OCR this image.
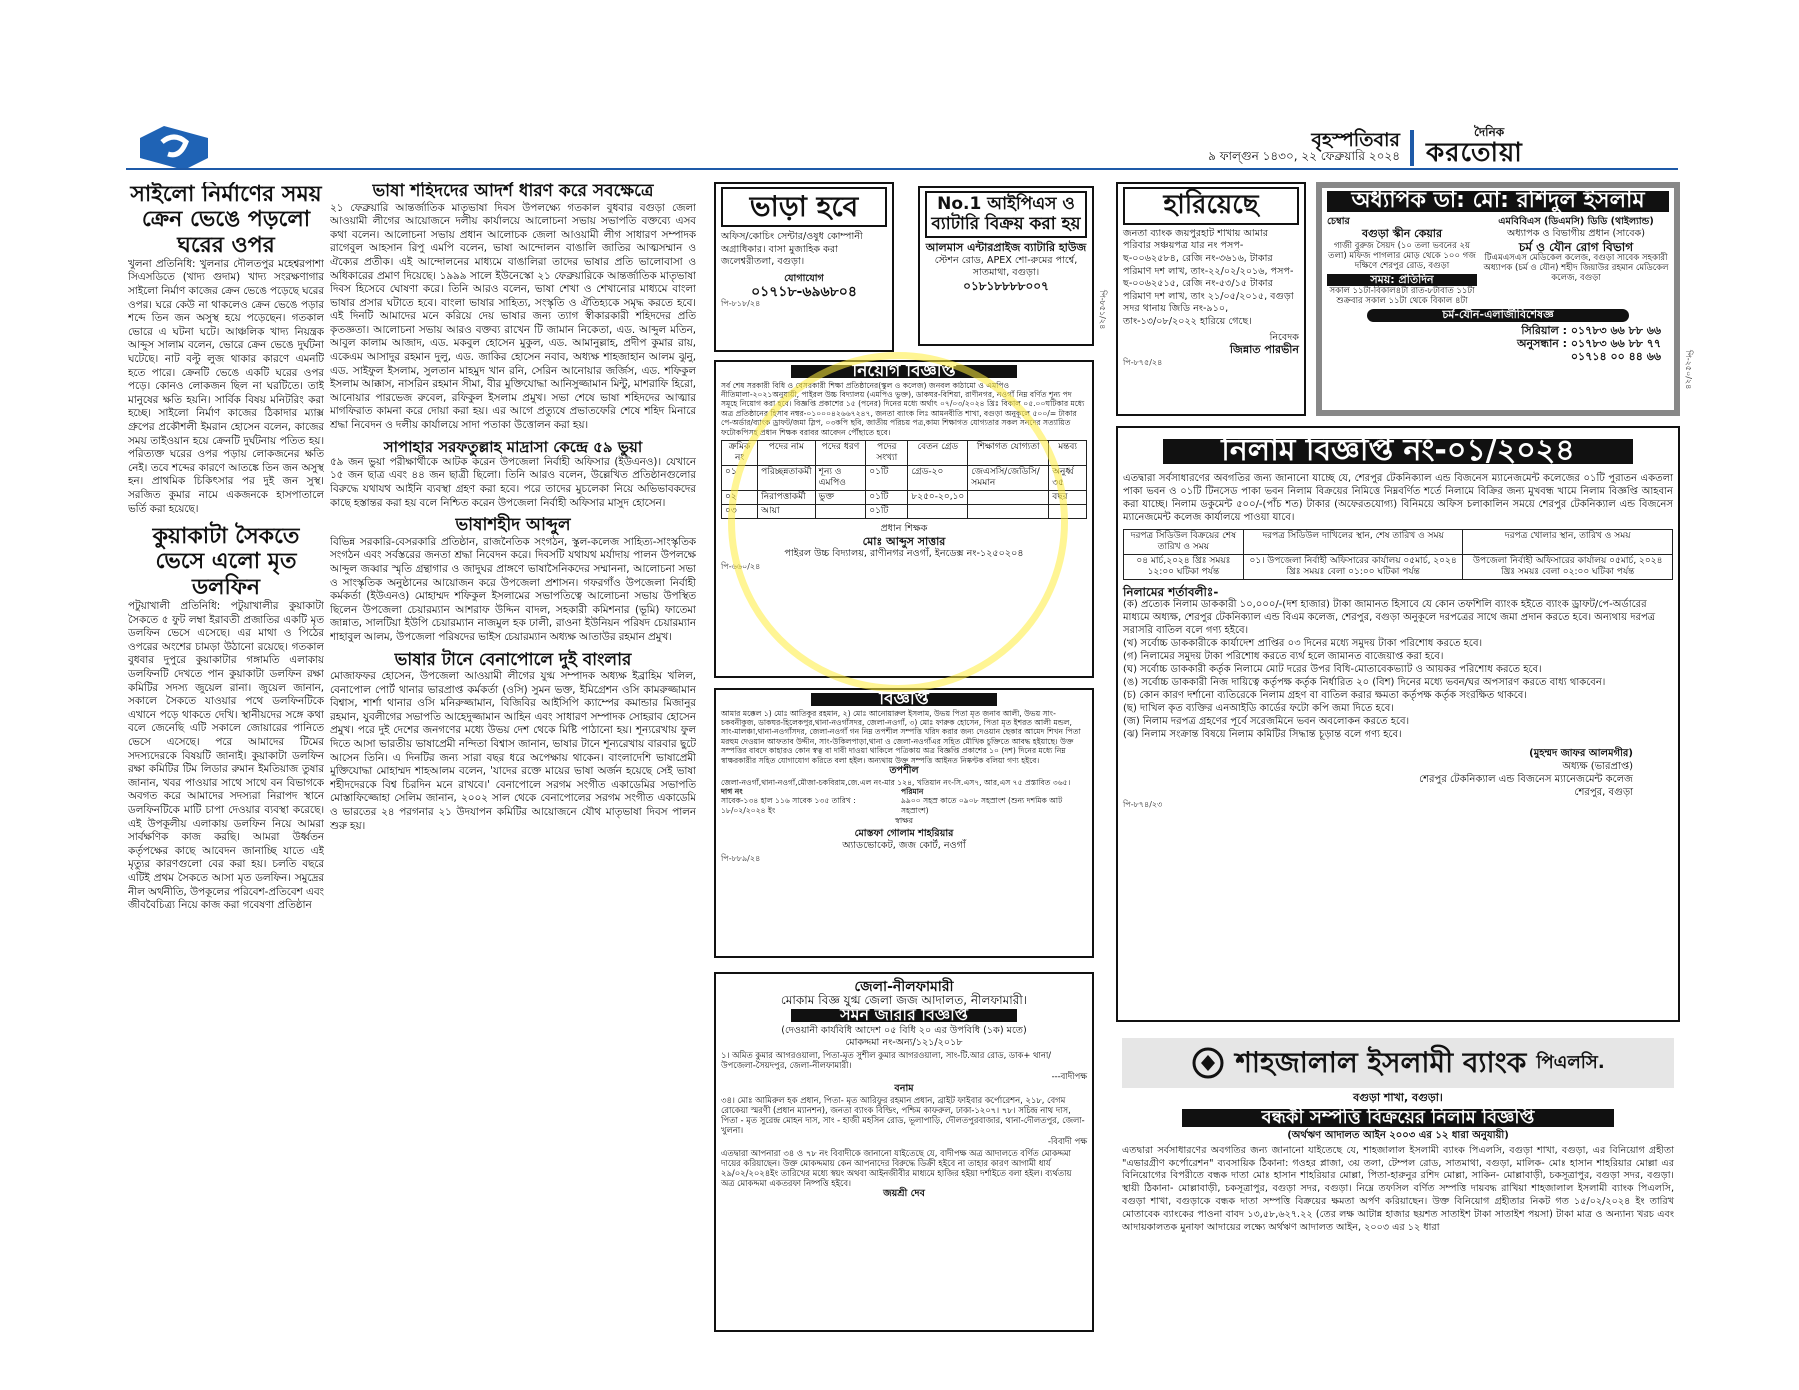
বৃহস্পতিবার
৯ ফাল্গুন ১৪৩০, ২২ ফেব্রুয়ারি ২০২৪
দৈনিক
করতোয়া

সাইলো নির্মাণের সময় ক্রেন ভেঙে পড়লো ঘরের ওপর

খুলনা প্রতিনিধি: খুলনার দৌলতপুর মহেশ্বরপাশা সিএসডিতে (খাদ্য গুদাম) খাদ্য সংরক্ষণাগার সাইলো নির্মাণ কাজের ক্রেন ভেঙে পড়েছে ঘরের ওপর। ঘরে কেউ না থাকলেও ক্রেন ভেঙে পড়ার শব্দে তিন জন অসুস্থ হয়ে পড়েছেন। গতকাল ভোরে এ ঘটনা ঘটে। আঞ্চলিক খাদ্য নিয়ন্ত্রক আব্দুস সালাম বলেন, ভোরে ক্রেন ভেঙে দুর্ঘটনা ঘটেছে। নাট বল্টু লুজ থাকার কারণে এমনটি হতে পারে। ক্রেনটি ভেঙে একটি ঘরের ওপর পড়ে। কোনও লোকজন ছিল না ঘরটিতে। তাই মানুষের ক্ষতি হয়নি। সার্বিক বিষয় মনিটরিং করা হচ্ছে। সাইলো নির্মাণ কাজের ঠিকাদার ম্যাক্স গ্রুপের প্রকৌশলী ইমরান হোসেন বলেন, কাজের সময় তাইওয়ান হয়ে ক্রেনটি দুর্ঘটনায় পতিত হয়। পরিত্যক্ত ঘরের ওপর পড়ায় লোকজনের ক্ষতি নেই। তবে শব্দের কারণে আতঙ্কে তিন জন অসুস্থ হন। প্রাথমিক চিকিৎসার পর দুই জন সুস্থ। সরজিত কুমার নামে একজনকে হাসপাতালে ভর্তি করা হয়েছে।

কুয়াকাটা সৈকতে ভেসে এলো মৃত ডলফিন

পটুয়াখালী প্রতিনিধি: পটুয়াখালীর কুয়াকাটা সৈকতে ৫ ফুট লম্বা ইরাবতী প্রজাতির একটি মৃত ডলফিন ভেসে এসেছে। এর মাথা ও পিঠের ওপরের অংশের চামড়া উঠানো রয়েছে। গতকাল বুধবার দুপুরে কুয়াকাটার গঙ্গামতি এলাকায় ডলফিনটি দেখতে পান কুয়াকাটা ডলফিন রক্ষা কমিটির সদস্য জুয়েল রানা। জুয়েল জানান, সকালে সৈকতে যাওয়ার পথে ডলফিনটিকে এখানে পড়ে থাকতে দেখি। স্থানীয়দের সঙ্গে কথা বলে জেনেছি এটি সকালে জোয়ারের পানিতে ভেসে এসেছে। পরে আমাদের টিমের সদস্যদেরকে বিষয়টি জানাই। কুয়াকাটা ডলফিন রক্ষা কমিটির টিম লিডার রুমান ইমতিয়াজ তুষার জানান, খবর পাওয়ার সাথে সাথে বন বিভাগকে অবগত করে আমাদের সদস্যরা নিরাপদ স্থানে ডলফিনটিকে মাটি চাপা দেওয়ার ব্যবস্থা করেছে। এই উপকূলীয় এলাকায় ডলফিন নিয়ে আমরা সার্বক্ষণিক কাজ করছি। আমরা উর্ধ্বতন কর্তৃপক্ষের কাছে আবেদন জানাচ্ছি যাতে এই মৃত্যুর কারণগুলো বের করা হয়। চলতি বছরে এটিই প্রথম সৈকতে আসা মৃত ডলফিন। সমুদ্রের নীল অর্থনীতি, উপকূলের পরিবেশ-প্রতিবেশ এবং জীববৈচিত্র্য নিয়ে কাজ করা গবেষণা প্রতিষ্ঠান

ভাষা শহিদদের আদর্শ ধারণ করে সবক্ষেত্রে

২১ ফেব্রুয়ারি আন্তর্জাতিক মাতৃভাষা দিবস উপলক্ষ্যে গতকাল বুধবার বগুড়া জেলা আওয়ামী লীগের আয়োজনে দলীয় কার্যালয়ে আলোচনা সভায় সভাপতি বক্তব্যে এসব কথা বলেন। আলোচনা সভায় প্রধান আলোচক জেলা আওয়ামী লীগ সাধারণ সম্পাদক রাগেবুল আহসান রিপু এমপি বলেন, ভাষা আন্দোলন বাঙালি জাতির আত্মসম্মান ও ঐক্যের প্রতীক। এই আন্দোলনের মাধ্যমে বাঙালিরা তাদের ভাষার প্রতি ভালোবাসা ও অধিকারের প্রমাণ দিয়েছে। ১৯৯৯ সালে ইউনেস্কো ২১ ফেব্রুয়ারিকে আন্তর্জাতিক মাতৃভাষা দিবস হিসেবে ঘোষণা করে। তিনি আরও বলেন, ভাষা শেখা ও শেখানোর মাধ্যমে বাংলা ভাষার প্রসার ঘটাতে হবে। বাংলা ভাষার সাহিত্য, সংস্কৃতি ও ঐতিহ্যকে সমৃদ্ধ করতে হবে। এই দিনটি আমাদের মনে করিয়ে দেয় ভাষার জন্য ত্যাগ স্বীকারকারী শহিদদের প্রতি কৃতজ্ঞতা। আলোচনা সভায় আরও বক্তব্য রাখেন টি জামান নিকেতা, এড. আব্দুল মতিন, আবুল কালাম আজাদ, এড. মকবুল হোসেন মুকুল, এড. আমানুল্লাহ, প্রদীপ কুমার রায়, একেএম আসাদুর রহমান দুলু, এড. জাকির হোসেন নবাব, অধ্যক্ষ শাহজাহান আলম ঝুনু, এড. সাইফুল ইসলাম, সুলতান মাহমুদ খান রনি, সেরিন আনোয়ার জর্জিস, এড. শফিকুল ইসলাম আক্কাস, নাসরিন রহমান সীমা, বীর মুক্তিযোদ্ধা আনিসুজ্জামান মিন্টু, মাশরাফি হিরো, আনোয়ার পারভেজ রুবেল, রফিকুল ইসলাম প্রমুখ। সভা শেষে ভাষা শহিদদের আত্মার মাগফিরাত কামনা করে দোয়া করা হয়। এর আগে প্রত্যুষে প্রভাতফেরি শেষে শহিদ মিনারে শ্রদ্ধা নিবেদন ও দলীয় কার্যালয়ে সাদা পতাকা উত্তোলন করা হয়।

সাপাহার সরফতুল্লাহ মাদ্রাসা কেন্দ্রে ৫৯ ভুয়া

৫৯ জন ভুয়া পরীক্ষার্থীকে আটক করেন উপজেলা নির্বাহী অফিসার (ইউএনও)। যেখানে ১৫ জন ছাত্র এবং ৪৪ জন ছাত্রী ছিলো। তিনি আরও বলেন, উল্লেখিত প্রতিষ্ঠানগুলোর বিরুদ্ধে যথাযথ আইনি ব্যবস্থা গ্রহণ করা হবে। পরে তাদের মুচলেকা নিয়ে অভিভাবকদের কাছে হস্তান্তর করা হয় বলে নিশ্চিত করেন উপজেলা নির্বাহী অফিসার মাসুদ হোসেন।

ভাষাশহীদ আব্দুল

বিভিন্ন সরকারি-বেসরকারি প্রতিষ্ঠান, রাজনৈতিক সংগঠন, স্কুল-কলেজ সাহিত্য-সাংস্কৃতিক সংগঠন এবং সর্বস্তরের জনতা শ্রদ্ধা নিবেদন করে। দিবসটি যথাযথ মর্যাদায় পালন উপলক্ষে আব্দুল জব্বার স্মৃতি গ্রন্থাগার ও জাদুঘর প্রাঙ্গণে ভাষাসৈনিকদের সম্মাননা, আলোচনা সভা ও সাংস্কৃতিক অনুষ্ঠানের আয়োজন করে উপজেলা প্রশাসন। গফরগাঁও উপজেলা নির্বাহী কর্মকর্তা (ইউএনও) মোহাম্মদ শফিকুল ইসলামের সভাপতিত্বে আলোচনা সভায় উপস্থিত ছিলেন উপজেলা চেয়ারম্যান আশরাফ উদ্দিন বাদল, সহকারী কমিশনার (ভূমি) ফাতেমা জান্নাত, সালটিয়া ইউপি চেয়ারম্যান নাজমুল হক ঢালী, রাওনা ইউনিয়ন পরিষদ চেয়ারম্যান শাহাবুল আলম, উপজেলা পরিষদের ভাইস চেয়ারম্যান অধ্যক্ষ আতাউর রহমান প্রমুখ।

ভাষার টানে বেনাপোলে দুই বাংলার

মোজাফফর হোসেন, উপজেলা আওয়ামী লীগের যুগ্ম সম্পাদক অধ্যক্ষ ইব্রাহিম খলিল, বেনাপোল পোর্ট থানার ভারপ্রাপ্ত কর্মকর্তা (ওসি) সুমন ভক্ত, ইমিগ্রেশন ওসি কামরুজ্জামান বিশ্বাস, শার্শা থানার ওসি মনিরুজ্জামান, বিজিবির আইসিপি ক্যাম্পের কমান্ডার মিজানুর রহমান, যুবলীগের সভাপতি আহেদুজ্জামান আহিন এবং সাধারণ সম্পাদক সোহরাব হোসেন প্রমুখ। পরে দুই দেশের জনগণের মধ্যে উভয় দেশ থেকে মিষ্টি পাঠানো হয়। শূন্যরেখায় ফুল দিতে আসা ভারতীয় ভাষাপ্রেমী নন্দিতা বিশ্বাস জানান, ভাষার টানে শূন্যরেখায় বারবার ছুটে আসেন তিনি। এ দিনটির জন্য সারা বছর ধরে অপেক্ষায় থাকেন। বাংলাদেশি ভাষাপ্রেমী মুক্তিযোদ্ধা মোহাম্মদ শাহআলম বলেন, 'যাদের রক্তে মায়ের ভাষা অর্জন হয়েছে সেই ভাষা শহীদদেরকে বিশ্ব চিরদিন মনে রাখবে।' বেনাপোলে সরগম সংগীত একাডেমির সভাপতি মোস্তাফিজ্জোহা সেলিম জানান, ২০০২ সাল থেকে বেনাপোলের সরগম সংগীত একাডেমি ও ভারতের ২৪ পরগনার ২১ উদযাপন কমিটির আয়োজনে যৌথ মাতৃভাষা দিবস পালন শুরু হয়।

ভাড়া হবে

অফিস/কোচিং সেন্টার/ওষুধ কোম্পানী অগ্রাধিকার। বাসা মুজাহিক করা জলেশ্বরীতলা, বগুড়া।

যোগাযোগ
০১৭১৮-৬৯৬৮০৪
পি-৮১৮/২৪
No.1 আইপিএস ও ব্যাটারি বিক্রয় করা হয়
আলমাস এন্টারপ্রাইজ ব্যাটারি হাউজ
স্টেশন রোড, APEX শো-রুমের পার্শ্বে, সাতমাথা, বগুড়া।
০১৮১৮৮৮৮০০৭
পি-৮৫১/২৪
হারিয়েছে

জনতা ব্যাংক জয়পুরহাট শাখায় আমার পরিবার সঞ্চয়পত্র যার নং পসপ-ছ-০০৬২৫৮৪, রেজি নং-৩৬১৬, টাকার পরিমাণ দশ লাখ, তাং-২২/০২/২০১৬, পসপ-ছ-০০৬২৫১৫, রেজি নং-৫৩/১৫ টাকার পরিমাণ দশ লাখ, তাং ২১/০৫/২০১৫, বগুড়া সদর থানায় জিডি নং-৯১০, তাং-১৩/০৮/২০২২ হারিয়ে গেছে।

নিবেদক
জিন্নাত পারভীন
পি-৮৭৫/২৪
অধ্যাপক ডা: মো: রশিদুল ইসলাম
চেম্বার
বগুড়া স্কীন কেয়ার
গাজী বুরুজ সৈয়দ (১০ তলা ভবনের ২য় তলা) মফিজ পাগলার মোড় থেকে ১০০ গজ দক্ষিণে শেরপুর রোড, বগুড়া
সময়: প্রতিদিন
সকাল ১১টা-বিকাল৪টা রাত-৮টাবাত ১১টা শুক্রবার সকাল ১১টা থেকে বিকাল ৪টা
এমবিবিএস (ডিএমসি) ডিডি (থাইল্যান্ড)
অধ্যাপক ও বিভাগীয় প্রধান (সাবেক)
চর্ম ও যৌন রোগ বিভাগ
টিএমএসএস মেডিকেল কলেজ, বগুড়া সাবেক সহকারী অধ্যাপক (চর্ম ও যৌন) শহীদ জিয়াউর রহমান মেডিকেল কলেজ, বগুড়া
চর্ম-যৌন-এলার্জীবিশেষজ্ঞ
সিরিয়াল : ০১৭৮৩ ৬৬ ৮৮ ৬৬
অনুসন্ধান : ০১৭৮৩ ৬৬ ৮৮ ৭৭
০১৭১৪ ০০ ৪৪ ৬৬	পি-২৫০/২৪
নিয়োগ বিজ্ঞপ্তি

সর্ব শেষ সরকারী বিধি ও বেসরকারী শিক্ষা প্রতিষ্ঠানের(স্কুল ও কলেজ) জনবল কাঠামো ও এমপিও নীতিমালা-২০২১অনুযায়ী, পাইরল উচ্চ বিদ্যালয় (এমপিও ভুক্ত), ডাকঘর-বিশিয়া, রাণীনগর, নওগাঁ নিম্ন বর্ণিত শূন্য পদ সমূহে নিয়োগ করা হবে। বিজ্ঞপ্তি প্রকাশের ১৫ (পনের) দিনের মধ্যে অর্থাৎ ০৭/০৩/২০২৪ খ্রিঃ বিকাল ০৫.০০ঘটিকার মধ্যে অত্র প্রতিষ্ঠানের হিসাব নম্বর-০১০০০৪২৬৬৭২৪৭, জনতা ব্যাংক লিঃ আমনবীতি শাখা, বগুড়া অনুকূলে ৫০০/= টাকার পে-অর্ডার/ব্যাংক ড্রাফট/জমা স্লিপ, ০৩কপি ছবি, জাতীয় পরিচয় পত্র,কাম্য শিক্ষাগত যোগ্যতার সকল সনদের সত্যায়িত ফটোকপিসহ প্রধান শিক্ষক বরাবর আবেদন পৌঁছাতে হবে।

ক্রমিক নং	পদের নাম	পদের ধরণ	পদের সংখ্যা	বেতন গ্রেড	শিক্ষাগত যোগ্যতা	মন্তব্য
০১	পরিচ্ছন্নতাকর্মী	শূন্য ও এমপিও	০১টি	গ্রেড-২০	জেএসসি/জেডিসি/ সমমান	অনুর্ধ্ব ৩৫
০২	নিরাপত্তাকর্মী	ভুক্ত	০১টি	৮২৫০-২০,১০		বছর
০৩	আয়া		০১টি			
প্রধান শিক্ষক
মোঃ আব্দুস সাত্তার
পাইরল উচ্চ বিদ্যালয়, রাণীনগর নওগাঁ, ইনডেক্স নং-১২৫০২০৪
পি-৬৬০/২৪
বিজ্ঞপ্তি

আমার মক্কেল ১) মোঃ আতিকুর রহমান, ২) মোঃ আনোয়ারুল ইসলাম, উভয় পিতা মৃত জনাব আলী, উভয় সাং-চকবনীকুজ, ডাকঘর-হিলেকপুর,থানা-নওগাঁসদর, জেলা-নওগাঁ, ৩) মোঃ ফারুক হোসেন, পিতা মৃত ইশরত আলী মন্ডল, সাং-মালঞ্চা,থানা-নওগাঁসদর, জেলা-নওগাঁ গন নিম্ন তপশীল সম্পত্তি খরিদ করার জন্য দেওয়ান ছেকার আমেদ শিখন পিতা মরহুম দেওয়ান আফতাব উদ্দীন, সাং-উকিলপাড়া,থানা ও জেলা-নওগাঁএর সহিত মৌখিক চুক্তিতে আবদ্ধ হইয়াছে। উক্ত সম্পত্তির বাবদে কাহারও কোন স্বত্ব বা দাবী দাওয়া থাকিলে পত্রিকায় অত্র বিজ্ঞপ্তি প্রকাশের ১০ (দশ) দিনের মধ্যে নিম্ন স্বাক্ষরকারীর সহিত যোগাযোগ করিতে বলা হইল। অন্যথায় উক্ত সম্পত্তি আইনত নিষ্কণ্টক বলিয়া গণ্য হইবে।

তপশীল

জেলা-নওগাঁ,থানা-নওগাঁ,মৌজা-চকবিরাম,জে.এল নং-মার ১২৪, খতিয়ান নং-সি.এস৭, আর,এস ৭৫ প্রস্তাবিত ৩৬৫।

দাগ নং
সাবেক-১৩৪ হাল ১১৬ সাবেক ১৩৫ তারিখ : ১৮/০২/২০২৪ ইং
পরিমান
৯৯০০ সহস্র কাতে ০৯০৮ সহস্রাংশ (শুন্য দশমিক আট সহস্রাংশ)
স্বাক্ষর
মোস্তফা গোলাম শাহরিয়ার
অ্যাডভোকেট, জজ কোর্ট, নওগাঁ
পি-৮৮৯/২৪
জেলা-নীলফামারী
মোকাম বিজ্ঞ যুগ্ম জেলা জজ আদালত, নীলফামারী।
সমন জারীর বিজ্ঞপ্তি
(দেওয়ানী কার্যবিধি আদেশ ০৫ বিধি ২০ এর উপবিধি (১ক) মতে)
মোকদ্দমা নং-অন্য/১২১/২০১৮

১। অমিত কুমার আগরওয়ালা, পিতা-মৃত সুশীল কুমার আগরওয়ালা, সাং-টি.আর রোড, ডাক+ থানা/ উপজেলা-সৈয়দপুর, জেলা-নীলফামারী।

---বাদীপক্ষ
বনাম

৩৪। মোঃ আমিরুল হক প্রধান, পিতা- মৃত আরিফুর রহমান প্রধান, ব্রাইট ফাইবার কর্পোরেশন, ২১৮, বেগম রোকেয়া স্মরণী (প্রধান ম্যানশন), জনতা ব্যাংক বিল্ডিং, পশ্চিম কাফরুল, ঢাকা-১২০৭। ৭৮। সচিন্দ্র নাথ দাস, পিতা - মৃত সুরেন্দ্র মোহন দাস, সাং - হাজী মহসিন রোড, ভূলাপাড়ি, দৌলতপুরবাজার, থানা-দৌলতপুর, জেলা-খুলনা।

-বিবাদী পক্ষ

এতদ্বারা আপনারা ৩৪ ও ৭৮ নং বিবাদীকে জানানো যাইতেছে যে, বাদীপক্ষ অত্র আদালতে বর্ণিত মোকদ্দমা দায়ের করিয়াছেন। উক্ত মোকদ্দমায় কেন আপনাদের বিরুদ্ধে ডিক্রী হইবে না তাহার কারণ আগামী ধার্য ২৯/০২/২০২৪ইং তারিখের মধ্যে স্বয়ং অথবা আইনজীবীর মাধ্যমে হাজির হইয়া দর্শাইতে বলা হইল। ব্যর্থতায় অত্র মোকদ্দমা একতরফা নিষ্পত্তি হইবে।

জয়শ্রী দেব
নিলাম বিজ্ঞপ্তি নং-০১/২০২৪

এতদ্বারা সর্বসাধারণের অবগতির জন্য জানানো যাচ্ছে যে, শেরপুর টেকনিক্যাল এন্ড বিজনেস ম্যানেজমেন্ট কলেজের ০১টি পুরাতন একতলা পাকা ভবন ও ০১টি টিনসেড পাকা ভবন নিলাম বিক্রয়ের নিমিত্তে নিম্নবর্ণিত শর্তে নিলামে বিক্রির জন্য মুখবন্ধ খামে নিলাম বিজ্ঞপ্তি আহবান করা যাচ্ছে। নিলাম ডকুমেন্ট ৫০০/-(পাঁচ শত) টাকার (অফেরতযোগ্য) বিনিময়ে অফিস চলাকালিন সময়ে শেরপুর টেকনিক্যাল এন্ড বিজনেস ম্যানেজমেন্ট কলেজ কার্যালয়ে পাওয়া যাবে।

দরপত্র সিডিউল বিক্রয়ের শেষ তারিখ ও সময়	দরপত্র সিডিউল দাখিলের স্থান, শেষ তারিখ ও সময়	দরপত্র খোলার স্থান, তারিখ ও সময়
০৪ মার্চ,২০২৪ খ্রিঃ সময়ঃ ১২:০০ ঘটিকা পর্যন্ত	০১। উপজেলা নির্বাহী অফিসারের কার্যালয় ০৫মার্চ, ২০২৪ খ্রিঃ সময়ঃ বেলা ০১:০০ ঘটিকা পর্যন্ত	উপজেলা নির্বাহী অফিসারের কার্যালয় ০৫মার্চ, ২০২৪ খ্রিঃ সময়ঃ বেলা ০২:০০ ঘটিকা পর্যন্ত
নিলামের শর্তাবলীঃ-
(ক) প্রত্যেক নিলাম ডাককারী ১০,০০০/-(দশ হাজার) টাকা জামানত হিসাবে যে কোন তফশিলি ব্যাংক হইতে ব্যাংক ড্রাফট/পে-অর্ডারের মাধ্যমে অধ্যক্ষ, শেরপুর টেকনিক্যাল এন্ড বিএম কলেজ, শেরপুর, বগুড়া অনুকূলে দরপত্রের সাথে জমা প্রদান করতে হবে। অন্যথায় দরপত্র সরাসরি বাতিল বলে গণ্য হইবে।
(খ) সর্বোচ্চ ডাককারীকে কার্যাদেশ প্রাপ্তির ০৩ দিনের মধ্যে সমুদয় টাকা পরিশোধ করতে হবে।
(গ) নিলামের সমুদয় টাকা পরিশোধ করতে ব্যর্থ হলে জামানত বাজেয়াপ্ত করা হবে।
(ঘ) সর্বোচ্চ ডাককারী কর্তৃক নিলামে মোট দরের উপর বিধি-মোতাবেকভ্যাট ও আয়কর পরিশোধ করতে হবে।
(ঙ) সর্বোচ্চ ডাককারী নিজ দায়িত্বে কর্তৃপক্ষ কর্তৃক নির্ধারিত ২০ (বিশ) দিনের মধ্যে ভবন/ঘর অপসারণ করতে বাধ্য থাকবেন।
(চ) কোন কারণ দর্শানো ব্যতিরেকে নিলাম গ্রহণ বা বাতিল করার ক্ষমতা কর্তৃপক্ষ কর্তৃক সংরক্ষিত থাকবে।
(ছ) দাখিল কৃত ব্যক্তির এনআইডি কার্ডের ফটো কপি জমা দিতে হবে।
(জ) নিলাম দরপত্র গ্রহণের পূর্বে সরেজমিনে ভবন অবলোকন করতে হবে।
(ঝ) নিলাম সংক্রান্ত বিষয়ে নিলাম কমিটির সিদ্ধান্ত চূড়ান্ত বলে গণ্য হবে।
(মুহম্মদ জাফর আলমগীর)
অধ্যক্ষ (ভারপ্রাপ্ত)
শেরপুর টেকনিক্যাল এন্ড বিজনেস ম্যানেজমেন্ট কলেজ
শেরপুর, বগুড়া
পি-৮৭৪/২৩
শাহজালাল ইসলামী ব্যাংক পিএলসি.
বগুড়া শাখা, বগুড়া।
বন্ধকী সম্পত্তি বিক্রয়ের নিলাম বিজ্ঞপ্তি
(অর্থঋণ আদালত আইন ২০০৩ এর ১২ ধারা অনুযায়ী)

এতদ্বারা সর্বসাধারণের অবগতির জন্য জানানো যাইতেছে যে, শাহজালাল ইসলামী ব্যাংক পিএলসি, বগুড়া শাখা, বগুড়া, এর বিনিয়োগ গ্রহীতা "এভারগ্রীণ কর্পোরেশন" ব্যবসায়িক ঠিকানা: গওহর প্লাজা, ৩য় তলা, টেম্পল রোড, সাতমাথা, বগুড়া, মালিক- মোঃ হাসান শাহরিয়ার মোল্লা এর বিনিয়োগের বিপরীতে বন্ধক দাতা মোঃ হাসান শাহরিয়ার মোল্লা, পিতা-হারুনুর রশিদ মোল্লা, সাকিন- মোল্লাবাড়ী, চকসূত্রাপুর, বগুড়া সদর, বগুড়া। স্থায়ী ঠিকানা- মোল্লাবাড়ী, চকসূত্রাপুর, বগুড়া সদর, বগুড়া। নিম্নে তফসিল বর্ণিত সম্পত্তি দায়বদ্ধ রাখিয়া শাহজালাল ইসলামী ব্যাংক পিএলসি, বগুড়া শাখা, বগুড়াকে বন্ধক দাতা সম্পত্তি বিক্রয়ের ক্ষমতা অর্পণ করিয়াছেন। উক্ত বিনিয়োগ গ্রহীতার নিকট গত ১৫/০২/২০২৪ ইং তারিখ মোতাবেক ব্যাংকের পাওনা বাবদ ১৩,৫৮,৬২৭.২২ (তের লক্ষ আটান্ন হাজার ছয়শত সাতাইশ টাকা সাতাইশ পয়সা) টাকা মাত্র ও অন্যান্য খরচ এবং আদায়কালতক মুনাফা আদায়ের লক্ষ্যে অর্থঋণ আদালত আইন, ২০০৩ এর ১২ ধারা
